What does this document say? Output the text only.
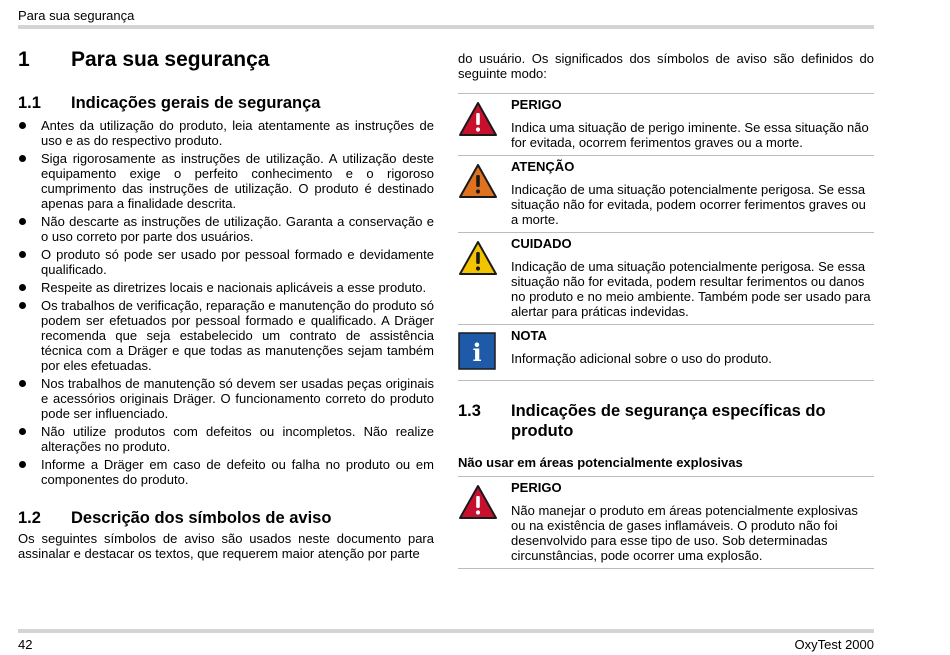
Para sua segurança
1	Para sua segurança
1.1	Indicações gerais de segurança
Antes da utilização do produto, leia atentamente as instruções de uso e as do respectivo produto.
Siga rigorosamente as instruções de utilização. A utilização deste equipamento exige o perfeito conhecimento e o rigoroso cumprimento das instruções de utilização. O produto é destinado apenas para a finalidade descrita.
Não descarte as instruções de utilização. Garanta a conservação e o uso correto por parte dos usuários.
O produto só pode ser usado por pessoal formado e devidamente qualificado.
Respeite as diretrizes locais e nacionais aplicáveis a esse produto.
Os trabalhos de verificação, reparação e manutenção do produto só podem ser efetuados por pessoal formado e qualificado. A Dräger recomenda que seja estabelecido um contrato de assistência técnica com a Dräger e que todas as manutenções sejam também por eles efetuadas.
Nos trabalhos de manutenção só devem ser usadas peças originais e acessórios originais Dräger. O funcionamento correto do produto pode ser influenciado.
Não utilize produtos com defeitos ou incompletos. Não realize alterações no produto.
Informe a Dräger em caso de defeito ou falha no produto ou em componentes do produto.
1.2	Descrição dos símbolos de aviso
Os seguintes símbolos de aviso são usados neste documento para assinalar e destacar os textos, que requerem maior atenção por parte
do usuário. Os significados dos símbolos de aviso são definidos do seguinte modo:
PERIGO
Indica uma situação de perigo iminente. Se essa situação não for evitada, ocorrem ferimentos graves ou a morte.
ATENÇÃO
Indicação de uma situação potencialmente perigosa. Se essa situação não for evitada, podem ocorrer ferimentos graves ou a morte.
CUIDADO
Indicação de uma situação potencialmente perigosa. Se essa situação não for evitada, podem resultar ferimentos ou danos no produto e no meio ambiente. Também pode ser usado para alertar para práticas indevidas.
i
NOTA
Informação adicional sobre o uso do produto.
1.3	Indicações de segurança específicas do produto
Não usar em áreas potencialmente explosivas
PERIGO
Não manejar o produto em áreas potencialmente explosivas ou na existência de gases inflamáveis. O produto não foi desenvolvido para esse tipo de uso. Sob determinadas circunstâncias, pode ocorrer uma explosão.
42	OxyTest 2000
